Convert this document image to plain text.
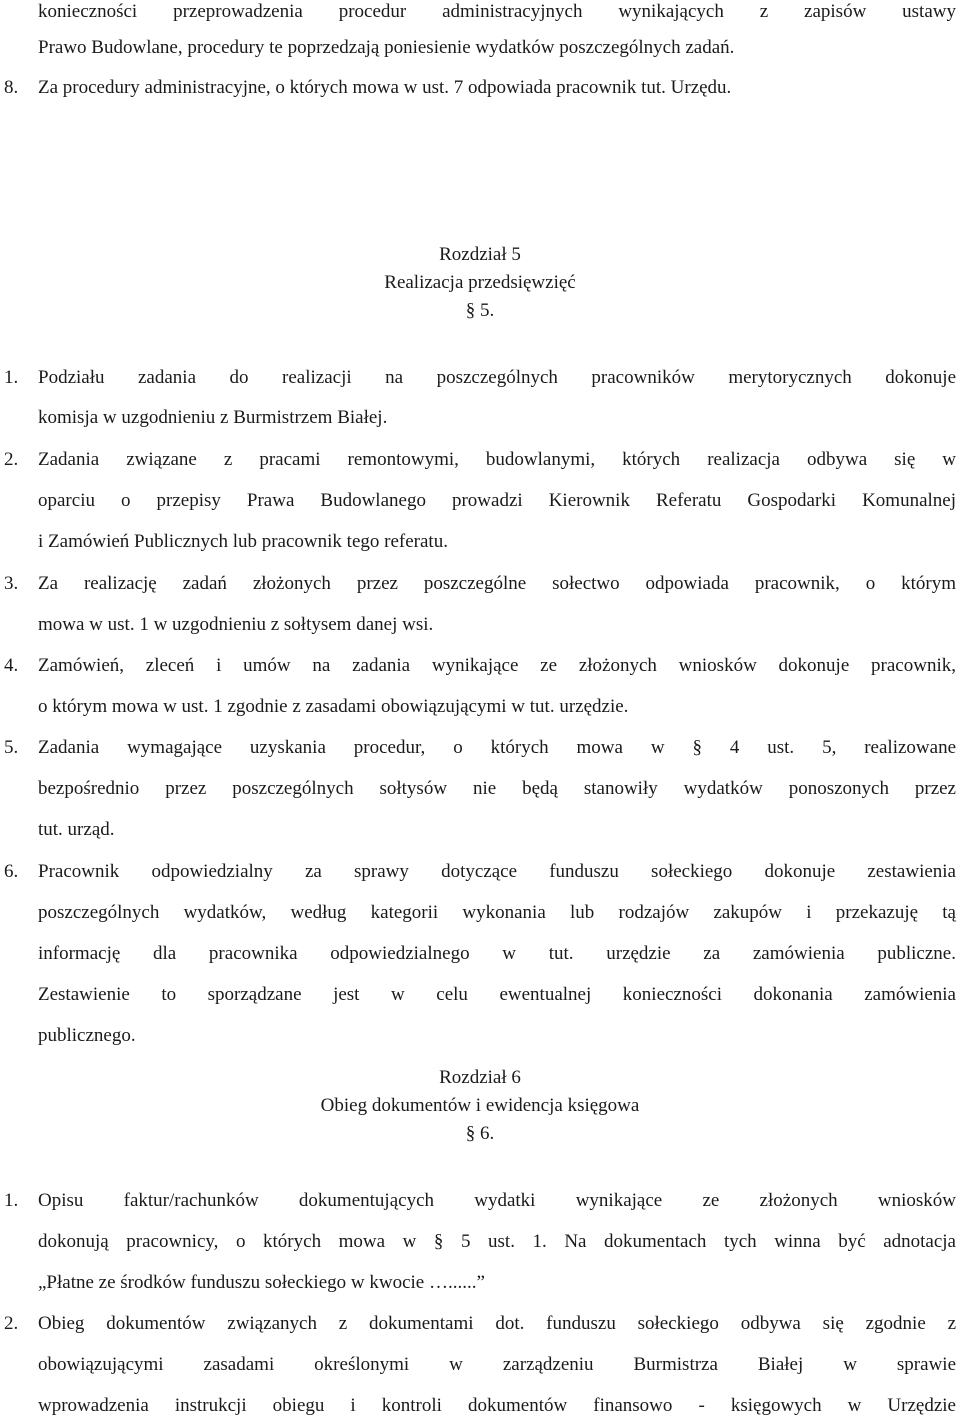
konieczności przeprowadzenia procedur administracyjnych wynikających z zapisów ustawy
Prawo Budowlane, procedury te poprzedzają poniesienie wydatków poszczególnych zadań.
8. Za procedury administracyjne, o których mowa w ust. 7 odpowiada pracownik tut. Urzędu.
Rozdział 5
Realizacja przedsięwzięć
§ 5.
1. Podziału zadania do realizacji na poszczególnych pracowników merytorycznych dokonuje
komisja w uzgodnieniu z Burmistrzem Białej.
2. Zadania związane z pracami remontowymi, budowlanymi, których realizacja odbywa się w
oparciu o przepisy Prawa Budowlanego prowadzi Kierownik Referatu Gospodarki Komunalnej
i Zamówień Publicznych lub pracownik tego referatu.
3. Za realizację zadań złożonych przez poszczególne sołectwo odpowiada pracownik, o którym
mowa w ust. 1 w uzgodnieniu z sołtysem danej wsi.
4. Zamówień, zleceń i umów na zadania wynikające ze złożonych wniosków dokonuje pracownik,
o którym mowa w ust. 1 zgodnie z zasadami obowiązującymi w tut. urzędzie.
5. Zadania wymagające uzyskania procedur, o których mowa w § 4 ust. 5, realizowane
bezpośrednio przez poszczególnych sołtysów nie będą stanowiły wydatków ponoszonych przez
tut. urząd.
6. Pracownik odpowiedzialny za sprawy dotyczące funduszu sołeckiego dokonuje zestawienia
poszczególnych wydatków, według kategorii wykonania lub rodzajów zakupów i przekazuję tą
informację dla pracownika odpowiedzialnego w tut. urzędzie za zamówienia publiczne.
Zestawienie to sporządzane jest w celu ewentualnej konieczności dokonania zamówienia
publicznego.
Rozdział 6
Obieg dokumentów i ewidencja księgowa
§ 6.
1. Opisu faktur/rachunków dokumentujących wydatki wynikające ze złożonych wniosków
dokonują pracownicy, o których mowa w § 5 ust. 1. Na dokumentach tych winna być adnotacja
„Płatne ze środków funduszu sołeckiego w kwocie …......”
2. Obieg dokumentów związanych z dokumentami dot. funduszu sołeckiego odbywa się zgodnie z
obowiązującymi zasadami określonymi w zarządzeniu Burmistrza Białej w sprawie
wprowadzenia instrukcji obiegu i kontroli dokumentów finansowo - księgowych w Urzędzie
